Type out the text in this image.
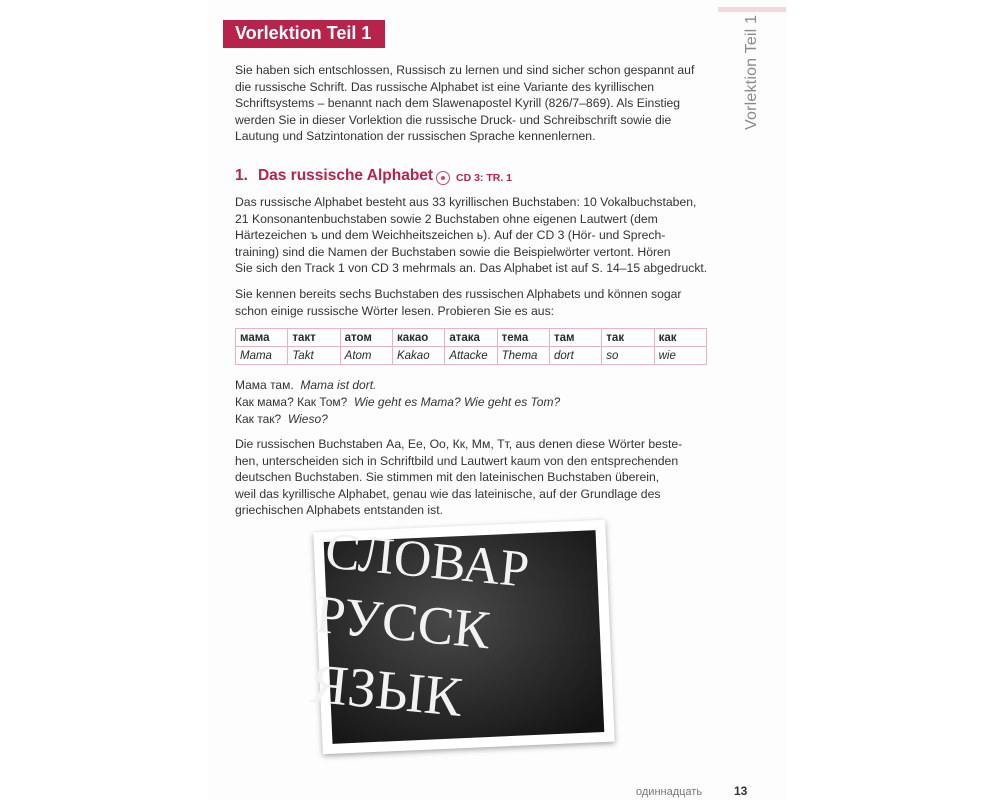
Vorlektion Teil 1
Vorlektion Teil 1
Sie haben sich entschlossen, Russisch zu lernen und sind sicher schon gespannt auf
die russische Schrift. Das russische Alphabet ist eine Variante des kyrillischen
Schriftsystems – benannt nach dem Slawenapostel Kyrill (826/7–869). Als Einstieg
werden Sie in dieser Vorlektion die russische Druck- und Schreibschrift sowie die
Lautung und Satzintonation der russischen Sprache kennenlernen.
1. Das russische Alphabet CD 3: TR. 1
Das russische Alphabet besteht aus 33 kyrillischen Buchstaben: 10 Vokalbuchstaben,
21 Konsonantenbuchstaben sowie 2 Buchstaben ohne eigenen Lautwert (dem
Härtezeichen ъ und dem Weichheitszeichen ь). Auf der CD 3 (Hör- und Sprech-
training) sind die Namen der Buchstaben sowie die Beispielwörter vertont. Hören
Sie sich den Track 1 von CD 3 mehrmals an. Das Alphabet ist auf S. 14–15 abgedruckt.
Sie kennen bereits sechs Buchstaben des russischen Alphabets und können sogar
schon einige russische Wörter lesen. Probieren Sie es aus:
мама	такт	атом	какао	атака	тема	там	так	как
Mama	Takt	Atom	Kakao	Attacke	Thema	dort	so	wie
Мама там. Mama ist dort.
Как мама? Как Том? Wie geht es Mama? Wie geht es Tom?
Как так? Wieso?
Die russischen Buchstaben Аа, Ее, Оо, Кк, Мм, Тт, aus denen diese Wörter beste-
hen, unterscheiden sich in Schriftbild und Lautwert kaum von den entsprechenden
deutschen Buchstaben. Sie stimmen mit den lateinischen Buchstaben überein,
weil das kyrillische Alphabet, genau wie das lateinische, auf der Grundlage des
griechischen Alphabets entstanden ist.
СЛОВАР
РУССК
ЯЗЫК
одиннадцать	13
